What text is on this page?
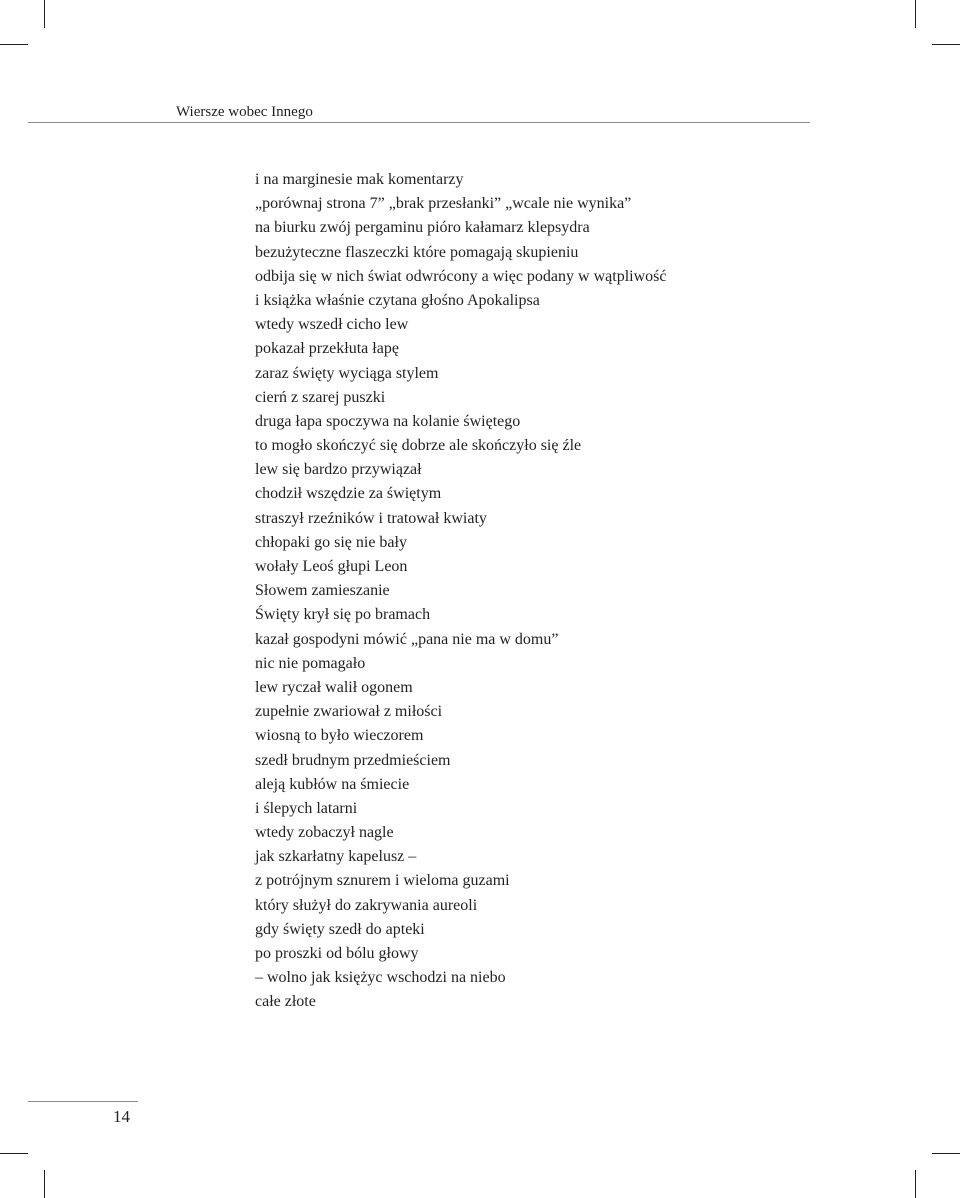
Wiersze wobec Innego
i na marginesie mak komentarzy
„porównaj strona 7” „brak przesłanki” „wcale nie wynika”
na biurku zwój pergaminu pióro kałamarz klepsydra
bezużyteczne flaszeczki które pomagają skupieniu
odbija się w nich świat odwrócony a więc podany w wątpliwość
i książka właśnie czytana głośno Apokalipsa
wtedy wszedł cicho lew
pokazał przekłuta łapę
zaraz święty wyciąga stylem
cierń z szarej puszki
druga łapa spoczywa na kolanie świętego
to mogło skończyć się dobrze ale skończyło się źle
lew się bardzo przywiązał
chodził wszędzie za świętym
straszył rzeźników i tratował kwiaty
chłopaki go się nie bały
wołały Leoś głupi Leon
Słowem zamieszanie
Święty krył się po bramach
kazał gospodyni mówić „pana nie ma w domu”
nic nie pomagało
lew ryczał walił ogonem
zupełnie zwariował z miłości
wiosną to było wieczorem
szedł brudnym przedmieściem
aleją kubłów na śmiecie
i ślepych latarni
wtedy zobaczył nagle
jak szkarłatny kapelusz –
z potrójnym sznurem i wieloma guzami
który służył do zakrywania aureoli
gdy święty szedł do apteki
po proszki od bólu głowy
– wolno jak księżyc wschodzi na niebo
całe złote
14
